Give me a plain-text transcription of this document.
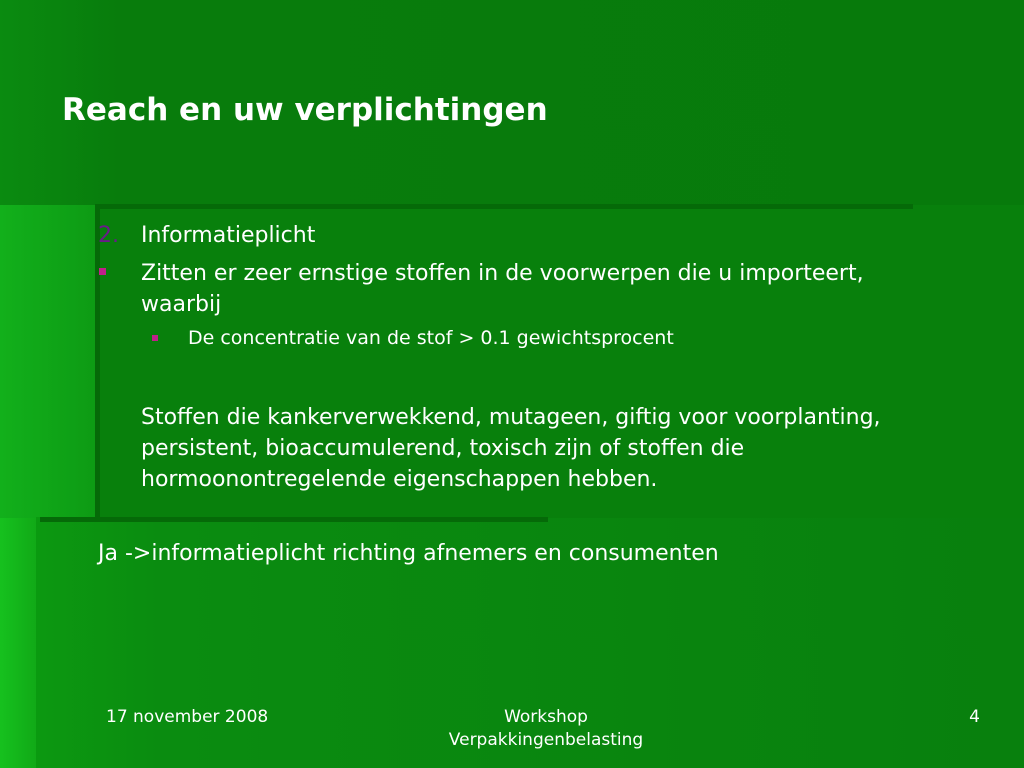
Reach en uw verplichtingen
2. Informatieplicht
Zitten er zeer ernstige stoffen in de voorwerpen die u importeert, waarbij
De concentratie van de stof > 0.1 gewichtsprocent
Stoffen die kankerverwekkend, mutageen, giftig voor voorplanting, persistent, bioaccumulerend, toxisch zijn of stoffen die hormoonontregelende eigenschappen hebben.
Ja ->informatieplicht richting afnemers en consumenten
17 november 2008	Workshop
Verpakkingenbelasting
4
